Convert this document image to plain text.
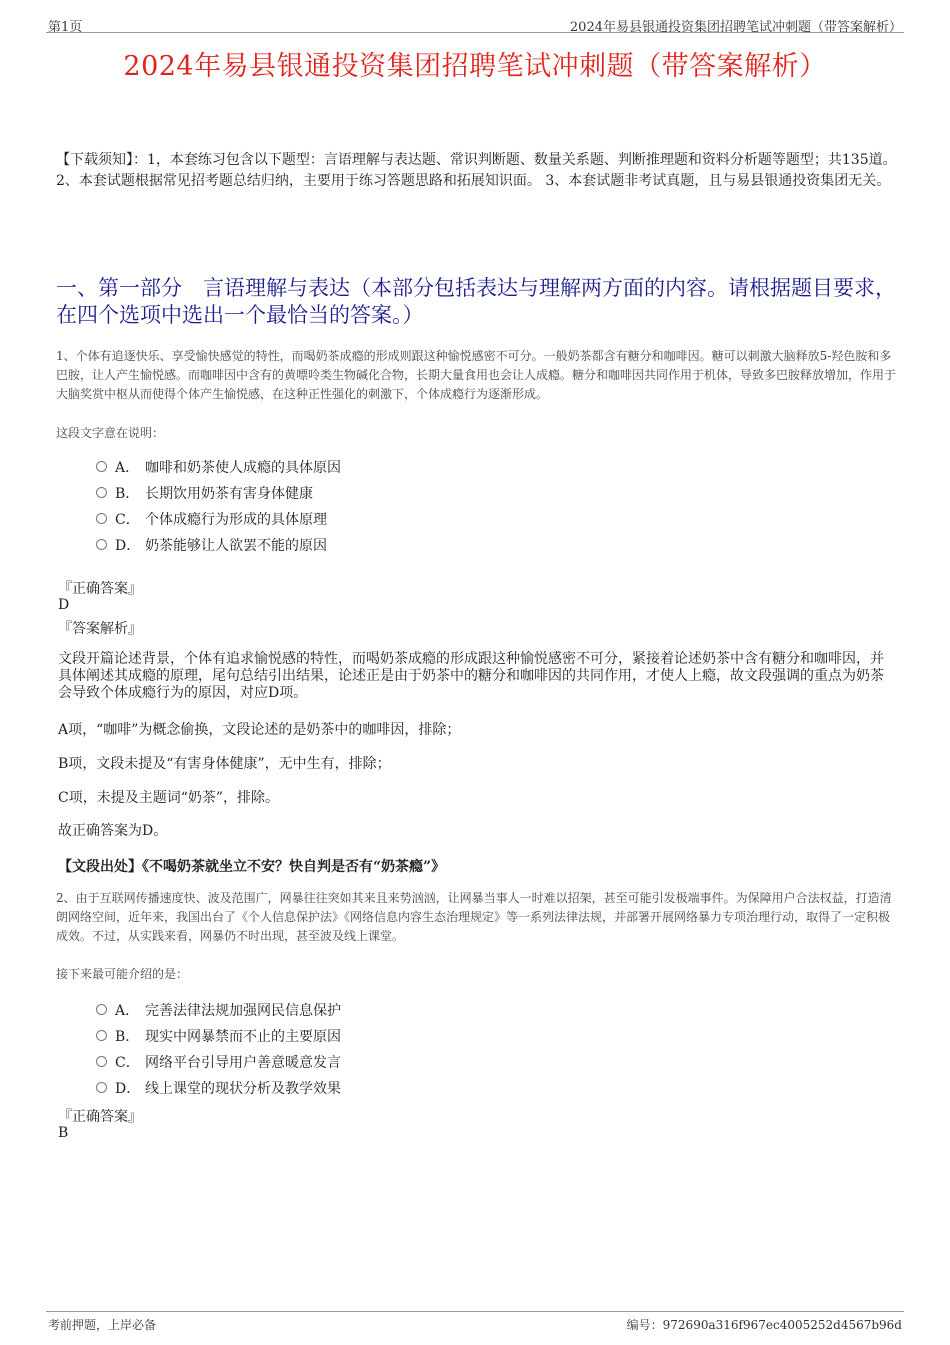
第1页	2024年易县银通投资集团招聘笔试冲刺题（带答案解析）
2024年易县银通投资集团招聘笔试冲刺题（带答案解析）
【下载须知】：1，本套练习包含以下题型：言语理解与表达题、常识判断题、数量关系题、判断推理题和资料分析题等题型；共135道。 2、本套试题根据常见招考题总结归纳，主要用于练习答题思路和拓展知识面。 3、本套试题非考试真题，且与易县银通投资集团无关。
一、第一部分　言语理解与表达（本部分包括表达与理解两方面的内容。请根据题目要求，在四个选项中选出一个最恰当的答案。）
1、个体有追逐快乐、享受愉快感觉的特性，而喝奶茶成瘾的形成则跟这种愉悦感密不可分。一般奶茶都含有糖分和咖啡因。糖可以刺激大脑释放5-羟色胺和多巴胺，让人产生愉悦感。而咖啡因中含有的黄嘌呤类生物碱化合物，长期大量食用也会让人成瘾。糖分和咖啡因共同作用于机体，导致多巴胺释放增加，作用于大脑奖赏中枢从而使得个体产生愉悦感，在这种正性强化的刺激下，个体成瘾行为逐渐形成。
这段文字意在说明：
A． 咖啡和奶茶使人成瘾的具体原因
B． 长期饮用奶茶有害身体健康
C． 个体成瘾行为形成的具体原理
D． 奶茶能够让人欲罢不能的原因
『正确答案』
D
『答案解析』
文段开篇论述背景，个体有追求愉悦感的特性，而喝奶茶成瘾的形成跟这种愉悦感密不可分，紧接着论述奶茶中含有糖分和咖啡因，并具体阐述其成瘾的原理，尾句总结引出结果，论述正是由于奶茶中的糖分和咖啡因的共同作用，才使人上瘾，故文段强调的重点为奶茶会导致个体成瘾行为的原因，对应D项。
A项，“咖啡”为概念偷换，文段论述的是奶茶中的咖啡因，排除；
B项，文段未提及“有害身体健康”，无中生有，排除；
C项，未提及主题词“奶茶”，排除。
故正确答案为D。
【文段出处】《不喝奶茶就坐立不安？快自判是否有“奶茶瘾”》
2、由于互联网传播速度快、波及范围广，网暴往往突如其来且来势汹汹，让网暴当事人一时难以招架，甚至可能引发极端事件。为保障用户合法权益，打造清朗网络空间，近年来，我国出台了《个人信息保护法》《网络信息内容生态治理规定》等一系列法律法规，并部署开展网络暴力专项治理行动，取得了一定积极成效。不过，从实践来看，网暴仍不时出现，甚至波及线上课堂。
接下来最可能介绍的是：
A． 完善法律法规加强网民信息保护
B． 现实中网暴禁而不止的主要原因
C． 网络平台引导用户善意暖意发言
D． 线上课堂的现状分析及教学效果
『正确答案』
B
考前押题，上岸必备	编号：972690a316f967ec4005252d4567b96d
